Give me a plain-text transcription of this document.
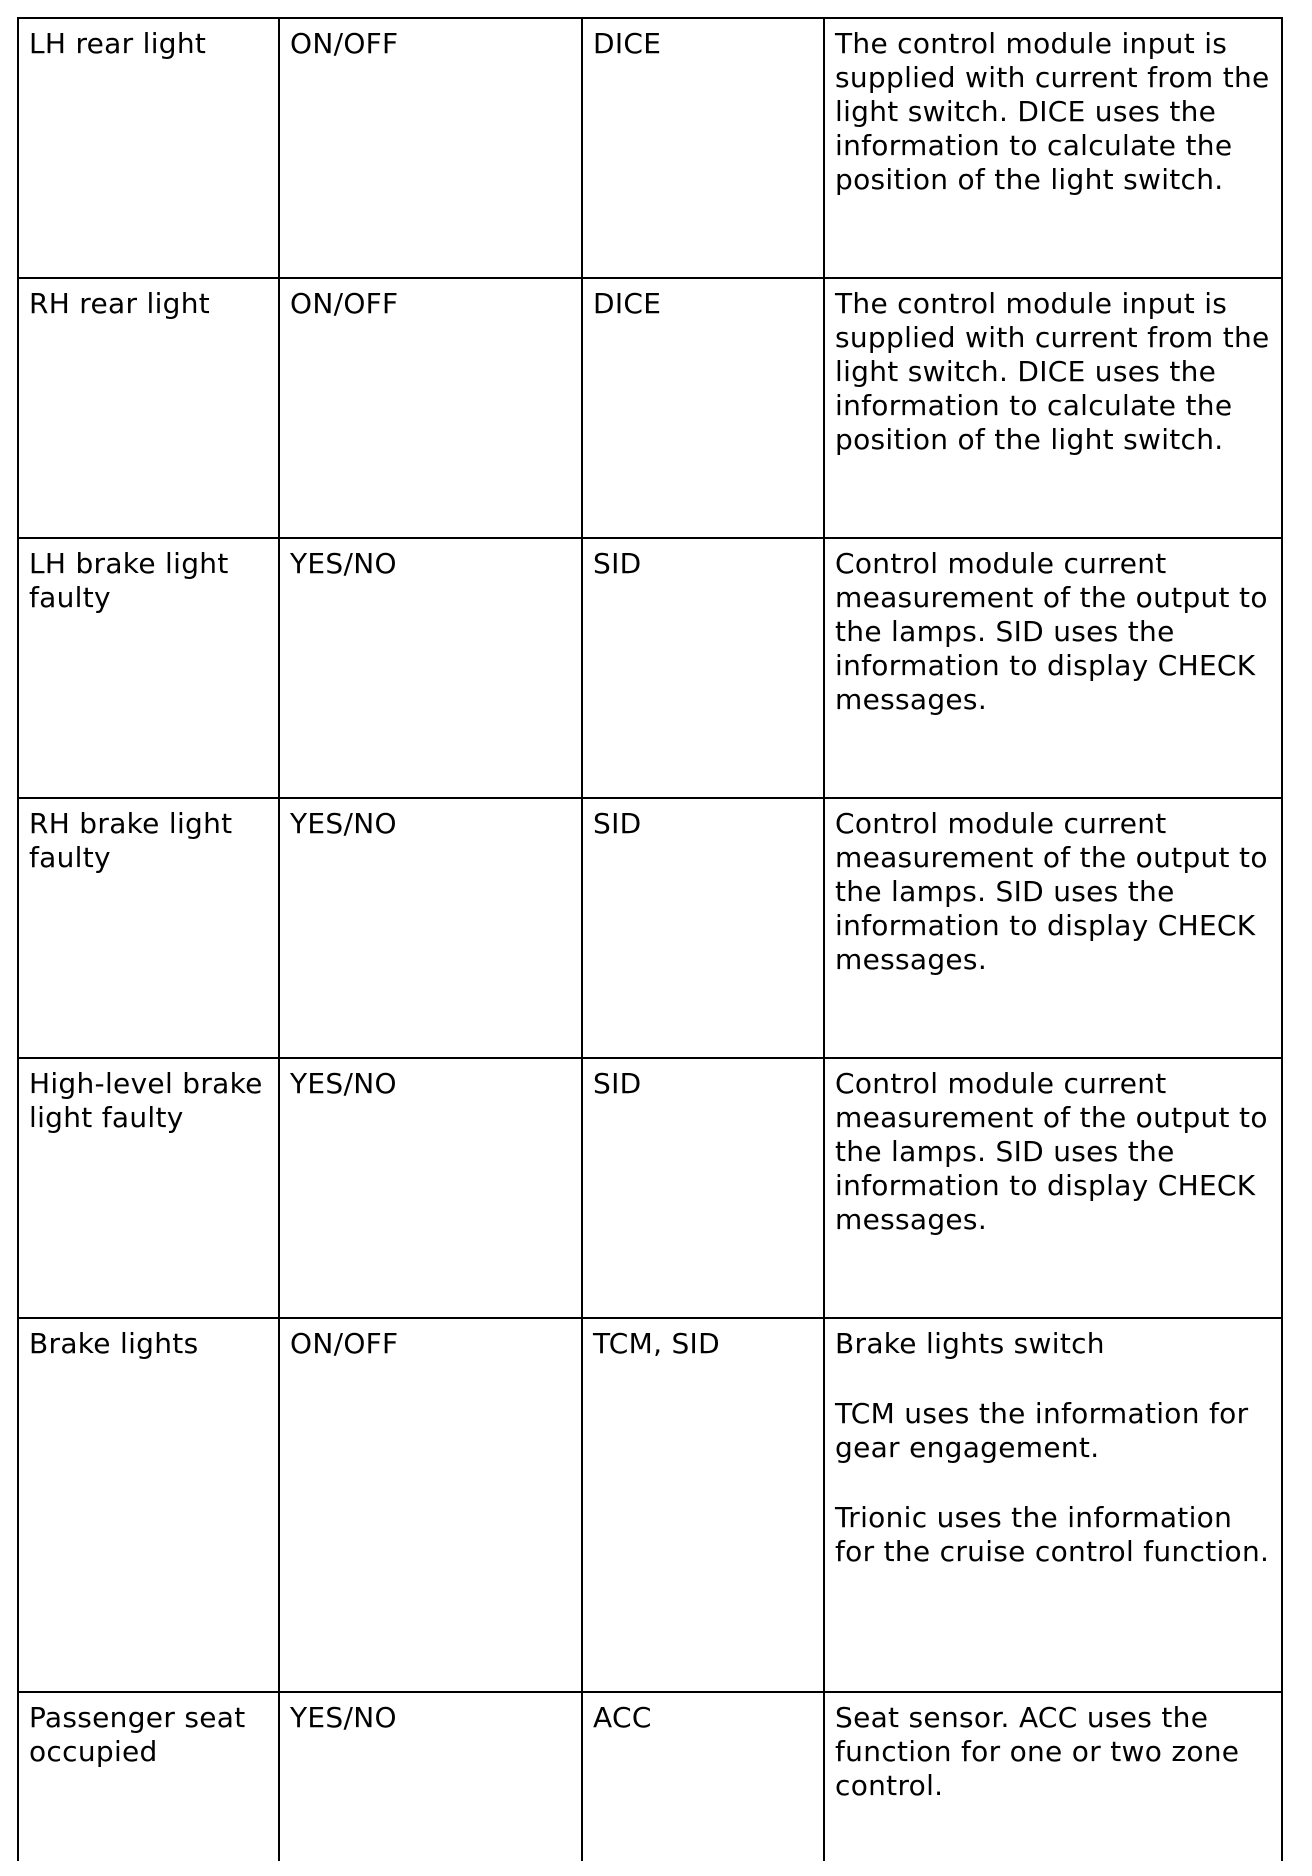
LH rear light	ON/OFF	DICE	The control module input is supplied with current from the light switch. DICE uses the information to calculate the position of the light switch.

RH rear light	ON/OFF	DICE	The control module input is supplied with current from the light switch. DICE uses the information to calculate the position of the light switch.

LH brake light faulty	YES/NO	SID	Control module current measurement of the output to the lamps. SID uses the information to display CHECK messages.

RH brake light faulty	YES/NO	SID	Control module current measurement of the output to the lamps. SID uses the information to display CHECK messages.

High-level brake light faulty	YES/NO	SID	Control module current measurement of the output to the lamps. SID uses the information to display CHECK messages.

Brake lights	ON/OFF	TCM, SID	Brake lights switch

TCM uses the information for gear engagement.

Trionic uses the information for the cruise control function.

Passenger seat occupied	YES/NO	ACC	Seat sensor. ACC uses the function for one or two zone control.
